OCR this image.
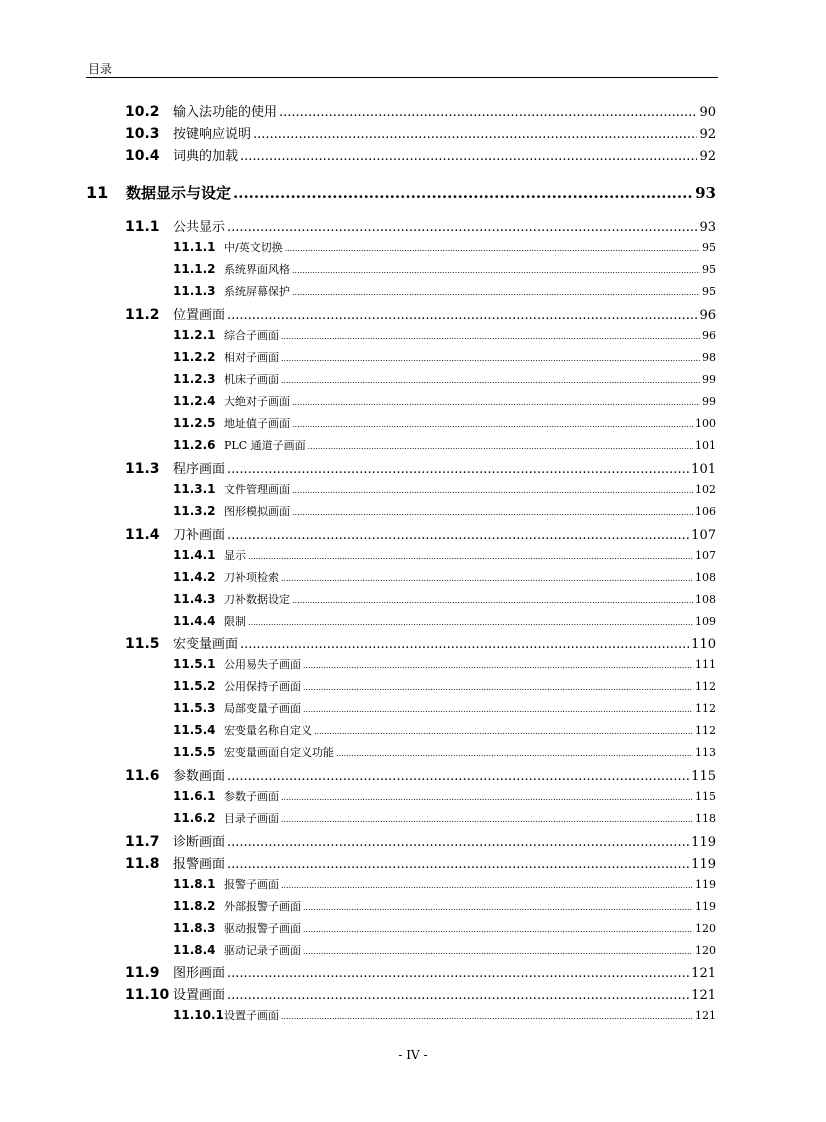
目录
10.2	输入法功能的使用 .....	90
10.3	按键响应说明 .....	92
10.4	词典的加载 .....	92
11	数据显示与设定 .....	93
11.1	公共显示 .....	93
11.1.1 中/英文切换 .....	95
11.1.2 系统界面风格 .....	95
11.1.3 系统屏幕保护 .....	95
11.2	位置画面 .....	96
11.2.1 综合子画面 .....	96
11.2.2 相对子画面 .....	98
11.2.3 机床子画面 .....	99
11.2.4 大绝对子画面 .....	99
11.2.5 地址值子画面 .....	100
11.2.6 PLC 通道子画面 .....	101
11.3	程序画面 .....	101
11.3.1 文件管理画面 .....	102
11.3.2 图形模拟画面 .....	106
11.4	刀补画面 .....	107
11.4.1 显示 .....	107
11.4.2 刀补项检索 .....	108
11.4.3 刀补数据设定 .....	108
11.4.4 限制 .....	109
11.5	宏变量画面 .....	110
11.5.1 公用易失子画面 .....	111
11.5.2 公用保持子画面 .....	112
11.5.3 局部变量子画面 .....	112
11.5.4 宏变量名称自定义 .....	112
11.5.5 宏变量画面自定义功能 .....	113
11.6	参数画面 .....	115
11.6.1 参数子画面 .....	115
11.6.2 目录子画面 .....	118
11.7	诊断画面 .....	119
11.8	报警画面 .....	119
11.8.1 报警子画面 .....	119
11.8.2 外部报警子画面 .....	119
11.8.3 驱动报警子画面 .....	120
11.8.4 驱动记录子画面 .....	120
11.9	图形画面 .....	121
11.10 设置画面 .....	121
11.10.1 设置子画面 .....	121
- IV -
